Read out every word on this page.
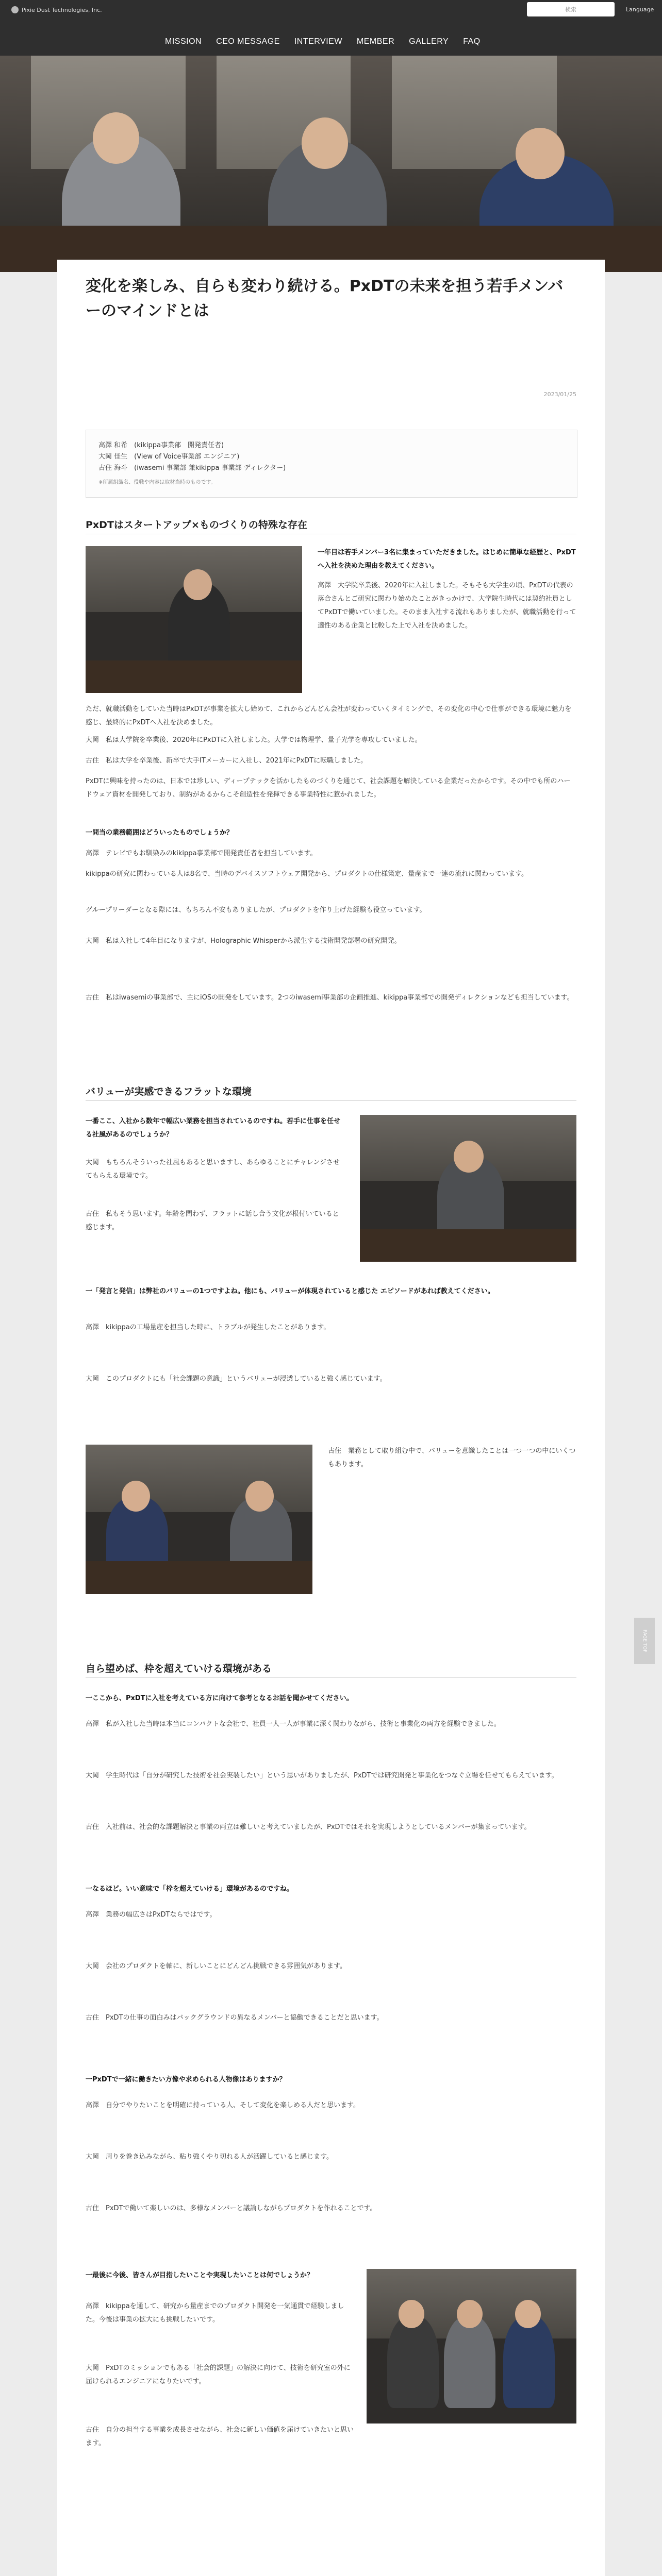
Pixie Dust Technologies, Inc.	検索	Language
MISSION	CEO MESSAGE	INTERVIEW	MEMBER	GALLERY	FAQ
変化を楽しみ、自らも変わり続ける。PxDTの未来を担う若手メンバーのマインドとは
2023/01/25
高澤 和希　(kikippa事業部　開発責任者)
大岡 佳生　(View of Voice事業部 エンジニア)
古住 海斗　(iwasemi 事業部 兼kikippa 事業部 ディレクター)
※所属組織名、役職や内容は取材当時のものです。
PxDTはスタートアップ×ものづくりの特殊な存在
一年目は若手メンバー3名に集まっていただきました。はじめに簡単な経歴と、PxDTへ入社を決めた理由を教えてください。
高澤　大学院卒業後、2020年に入社しました。そもそも大学生の頃、PxDTの代表の落合さんとご研究に関わり始めたことがきっかけで、大学院生時代には契約社員としてPxDTで働いていました。そのまま入社する流れもありましたが、就職活動を行って適性のある企業と比較した上で入社を決めました。
ただ、就職活動をしていた当時はPxDTが事業を拡大し始めて、これからどんどん会社が変わっていくタイミングで、その変化の中心で仕事ができる環境に魅力を感じ、最終的にPxDTへ入社を決めました。
大岡　私は大学院を卒業後、2020年にPxDTに入社しました。大学では物理学、量子光学を専攻していました。
古住　私は大学を卒業後、新卒で大手ITメーカーに入社し、2021年にPxDTに転職しました。
PxDTに興味を持ったのは、日本では珍しい、ディープテックを活かしたものづくりを通じて、社会課題を解決している企業だったからです。その中でも所のハードウェア資材を開発しており、制約があるからこそ創造性を発揮できる事業特性に惹かれました。
一問当の業務範囲はどういったものでしょうか？
高澤　テレビでもお馴染みのkikippa事業部で開発責任者を担当しています。
kikippaの研究に関わっている人は8名で、当時のデバイスソフトウェア開発から、プロダクトの仕様策定、量産まで一連の流れに関わっています。
グループリーダーとなる際には、もちろん不安もありましたが、プロダクトを作り上げた経験も役立っています。
大岡　私は入社して4年目になりますが、Holographic Whisperから派生する技術開発部署の研究開発。
古住　私はiwasemiの事業部で、主にiOSの開発をしています。2つのiwasemi事業部の企画推進、kikippa事業部での開発ディレクションなども担当しています。
バリューが実感できるフラットな環境
一番ここ、入社から数年で幅広い業務を担当されているのですね。若手に仕事を任せる社風があるのでしょうか？
大岡　もちろんそういった社風もあると思いますし、あらゆることにチャレンジさせてもらえる環境です。
古住　私もそう思います。年齢を問わず、フラットに話し合う文化が根付いていると感じます。
一「発言と発信」は弊社のバリューの1つですよね。他にも、バリューが体現されていると感じた エピソードがあれば教えてください。
高澤　kikippaの工場量産を担当した時に、トラブルが発生したことがあります。
大岡　このプロダクトにも「社会課題の意識」というバリューが浸透していると強く感じています。
古住　業務として取り組む中で、バリューを意識したことは一つ一つの中にいくつもあります。
自ら望めば、枠を超えていける環境がある
一ここから、PxDTに入社を考えている方に向けて参考となるお話を聞かせてください。
高澤　私が入社した当時は本当にコンパクトな会社で、社員一人一人が事業に深く関わりながら、技術と事業化の両方を経験できました。
大岡　学生時代は「自分が研究した技術を社会実装したい」という思いがありましたが、PxDTでは研究開発と事業化をつなぐ立場を任せてもらえています。
古住　入社前は、社会的な課題解決と事業の両立は難しいと考えていましたが、PxDTではそれを実現しようとしているメンバーが集まっています。
一なるほど。いい意味で「枠を超えていける」環境があるのですね。
高澤　業務の幅広さはPxDTならではです。
大岡　会社のプロダクトを軸に、新しいことにどんどん挑戦できる雰囲気があります。
古住　PxDTの仕事の面白みはバックグラウンドの異なるメンバーと協働できることだと思います。
一PxDTで一緒に働きたい方像や求められる人物像はありますか？
高澤　自分でやりたいことを明確に持っている人、そして変化を楽しめる人だと思います。
大岡　周りを巻き込みながら、粘り強くやり切れる人が活躍していると感じます。
古住　PxDTで働いて楽しいのは、多様なメンバーと議論しながらプロダクトを作れることです。
一最後に今後、皆さんが目指したいことや実現したいことは何でしょうか？
高澤　kikippaを通して、研究から量産までのプロダクト開発を一気通貫で経験しました。今後は事業の拡大にも挑戦したいです。
大岡　PxDTのミッションでもある「社会的課題」の解決に向けて、技術を研究室の外に届けられるエンジニアになりたいです。
古住　自分の担当する事業を成長させながら、社会に新しい価値を届けていきたいと思います。
PAGE TOP
